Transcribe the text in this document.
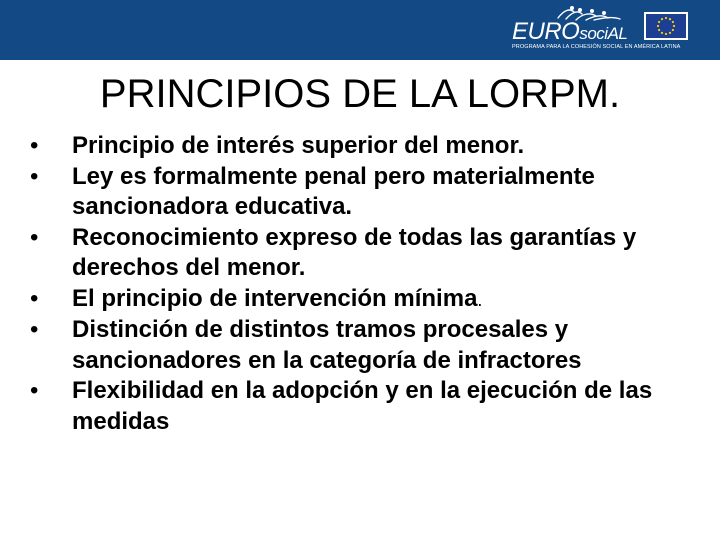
EUROsociAL
PROGRAMA PARA LA COHESIÓN SOCIAL EN AMÉRICA LATINA
PRINCIPIOS DE LA LORPM.
• Principio de interés superior del menor.
• Ley es formalmente penal pero materialmente sancionadora educativa.
• Reconocimiento expreso de todas las garantías y derechos del menor.
• El principio de intervención mínima.
• Distinción de distintos tramos procesales y sancionadores en la categoría de infractores
• Flexibilidad en la adopción y en la ejecución de las medidas
